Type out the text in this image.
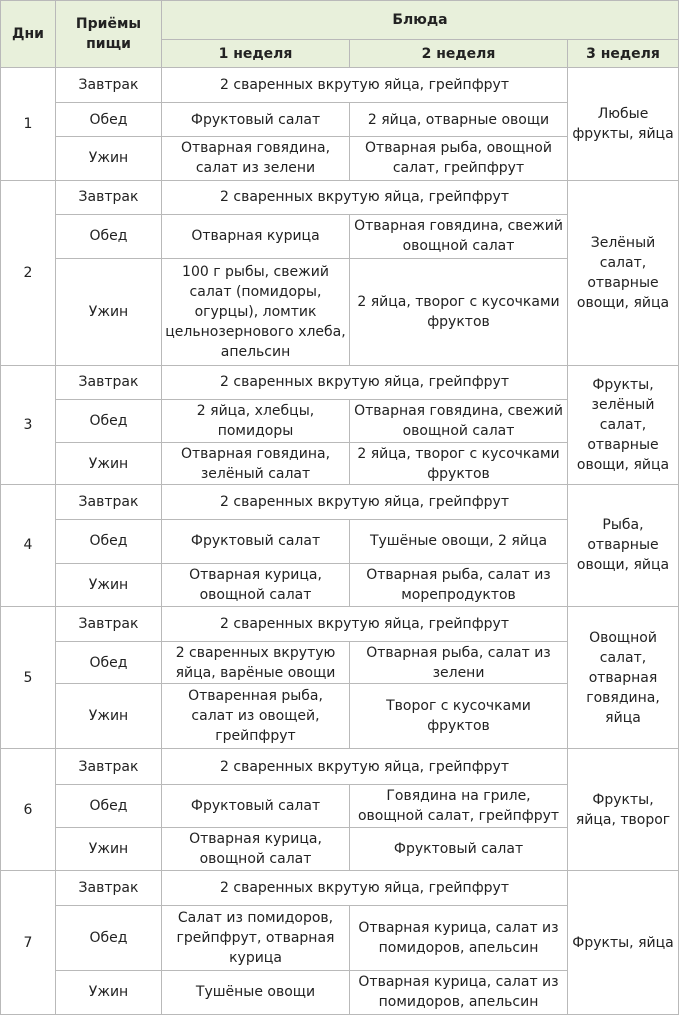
Дни	Приёмы пищи	Блюда		
		1 неделя	2 неделя	3 неделя
1	Завтрак	2 сваренных вкрутую яйца, грейпфрут		Любые фрукты, яйца
	Обед	Фруктовый салат	2 яйца, отварные овощи	
	Ужин	Отварная говядина, салат из зелени	Отварная рыба, овощной салат, грейпфрут	
2	Завтрак	2 сваренных вкрутую яйца, грейпфрут		Зелёный салат, отварные овощи, яйца
	Обед	Отварная курица	Отварная говядина, свежий овощной салат	
	Ужин	100 г рыбы, свежий салат (помидоры, огурцы), ломтик цельнозернового хлеба, апельсин	2 яйца, творог с кусочками фруктов	
3	Завтрак	2 сваренных вкрутую яйца, грейпфрут		Фрукты, зелёный салат, отварные овощи, яйца
	Обед	2 яйца, хлебцы, помидоры	Отварная говядина, свежий овощной салат	
	Ужин	Отварная говядина, зелёный салат	2 яйца, творог с кусочками фруктов	
4	Завтрак	2 сваренных вкрутую яйца, грейпфрут		Рыба, отварные овощи, яйца
	Обед	Фруктовый салат	Тушёные овощи, 2 яйца	
	Ужин	Отварная курица, овощной салат	Отварная рыба, салат из морепродуктов	
5	Завтрак	2 сваренных вкрутую яйца, грейпфрут		Овощной салат, отварная говядина, яйца
	Обед	2 сваренных вкрутую яйца, варёные овощи	Отварная рыба, салат из зелени	
	Ужин	Отваренная рыба, салат из овощей, грейпфрут	Творог с кусочками фруктов	
6	Завтрак	2 сваренных вкрутую яйца, грейпфрут		Фрукты, яйца, творог
	Обед	Фруктовый салат	Говядина на гриле, овощной салат, грейпфрут	
	Ужин	Отварная курица, овощной салат	Фруктовый салат	
7	Завтрак	2 сваренных вкрутую яйца, грейпфрут		Фрукты, яйца
	Обед	Салат из помидоров, грейпфрут, отварная курица	Отварная курица, салат из помидоров, апельсин	
	Ужин	Тушёные овощи	Отварная курица, салат из помидоров, апельсин	
